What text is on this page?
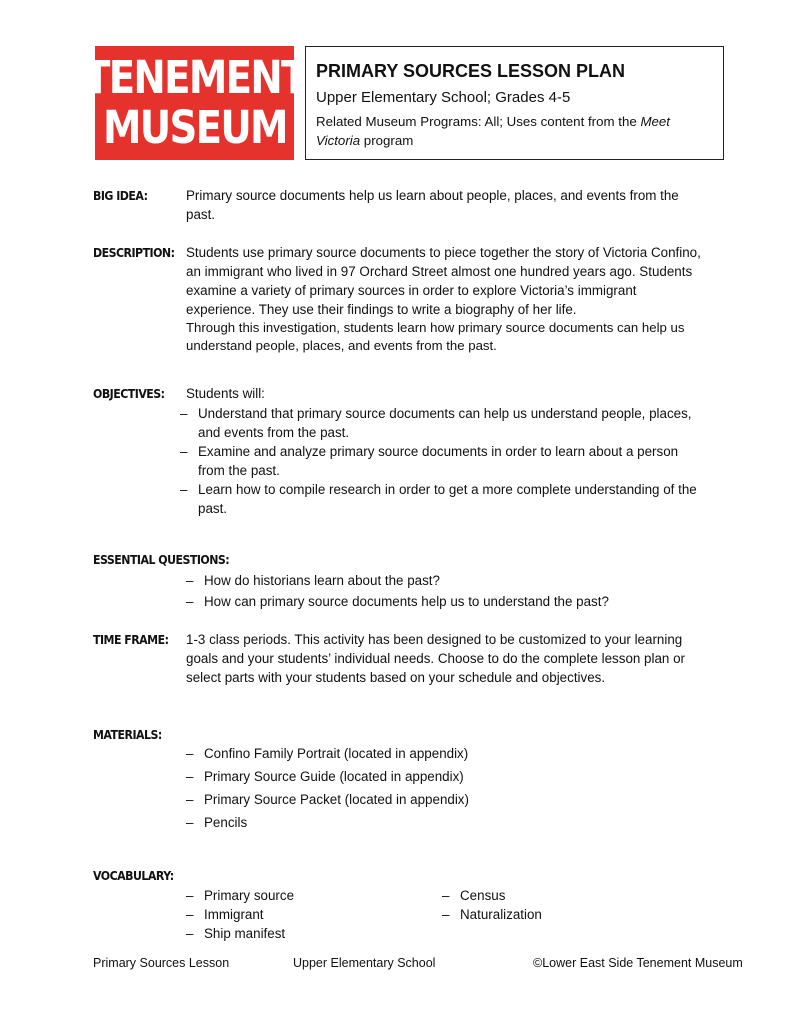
TENEMENT
MUSEUM
PRIMARY SOURCES LESSON PLAN
Upper Elementary School; Grades 4-5
Related Museum Programs: All; Uses content from the Meet Victoria program
BIG IDEA:	Primary source documents help us learn about people, places, and events from the past.
DESCRIPTION: Students use primary source documents to piece together the story of Victoria Confino, an immigrant who lived in 97 Orchard Street almost one hundred years ago. Students examine a variety of primary sources in order to explore Victoria’s immigrant experience. They use their findings to write a biography of her life.
Through this investigation, students learn how primary source documents can help us understand people, places, and events from the past.
OBJECTIVES: Students will:
– Understand that primary source documents can help us understand people, places, and events from the past.
– Examine and analyze primary source documents in order to learn about a person from the past.
– Learn how to compile research in order to get a more complete understanding of the past.
ESSENTIAL QUESTIONS:
– How do historians learn about the past?
– How can primary source documents help us to understand the past?
TIME FRAME: 1-3 class periods. This activity has been designed to be customized to your learning goals and your students’ individual needs. Choose to do the complete lesson plan or select parts with your students based on your schedule and objectives.
MATERIALS:
– Confino Family Portrait (located in appendix)
– Primary Source Guide (located in appendix)
– Primary Source Packet (located in appendix)
– Pencils
VOCABULARY:
– Primary source
– Immigrant
– Ship manifest
– Census
– Naturalization
Primary Sources Lesson	Upper Elementary School	©Lower East Side Tenement Museum
